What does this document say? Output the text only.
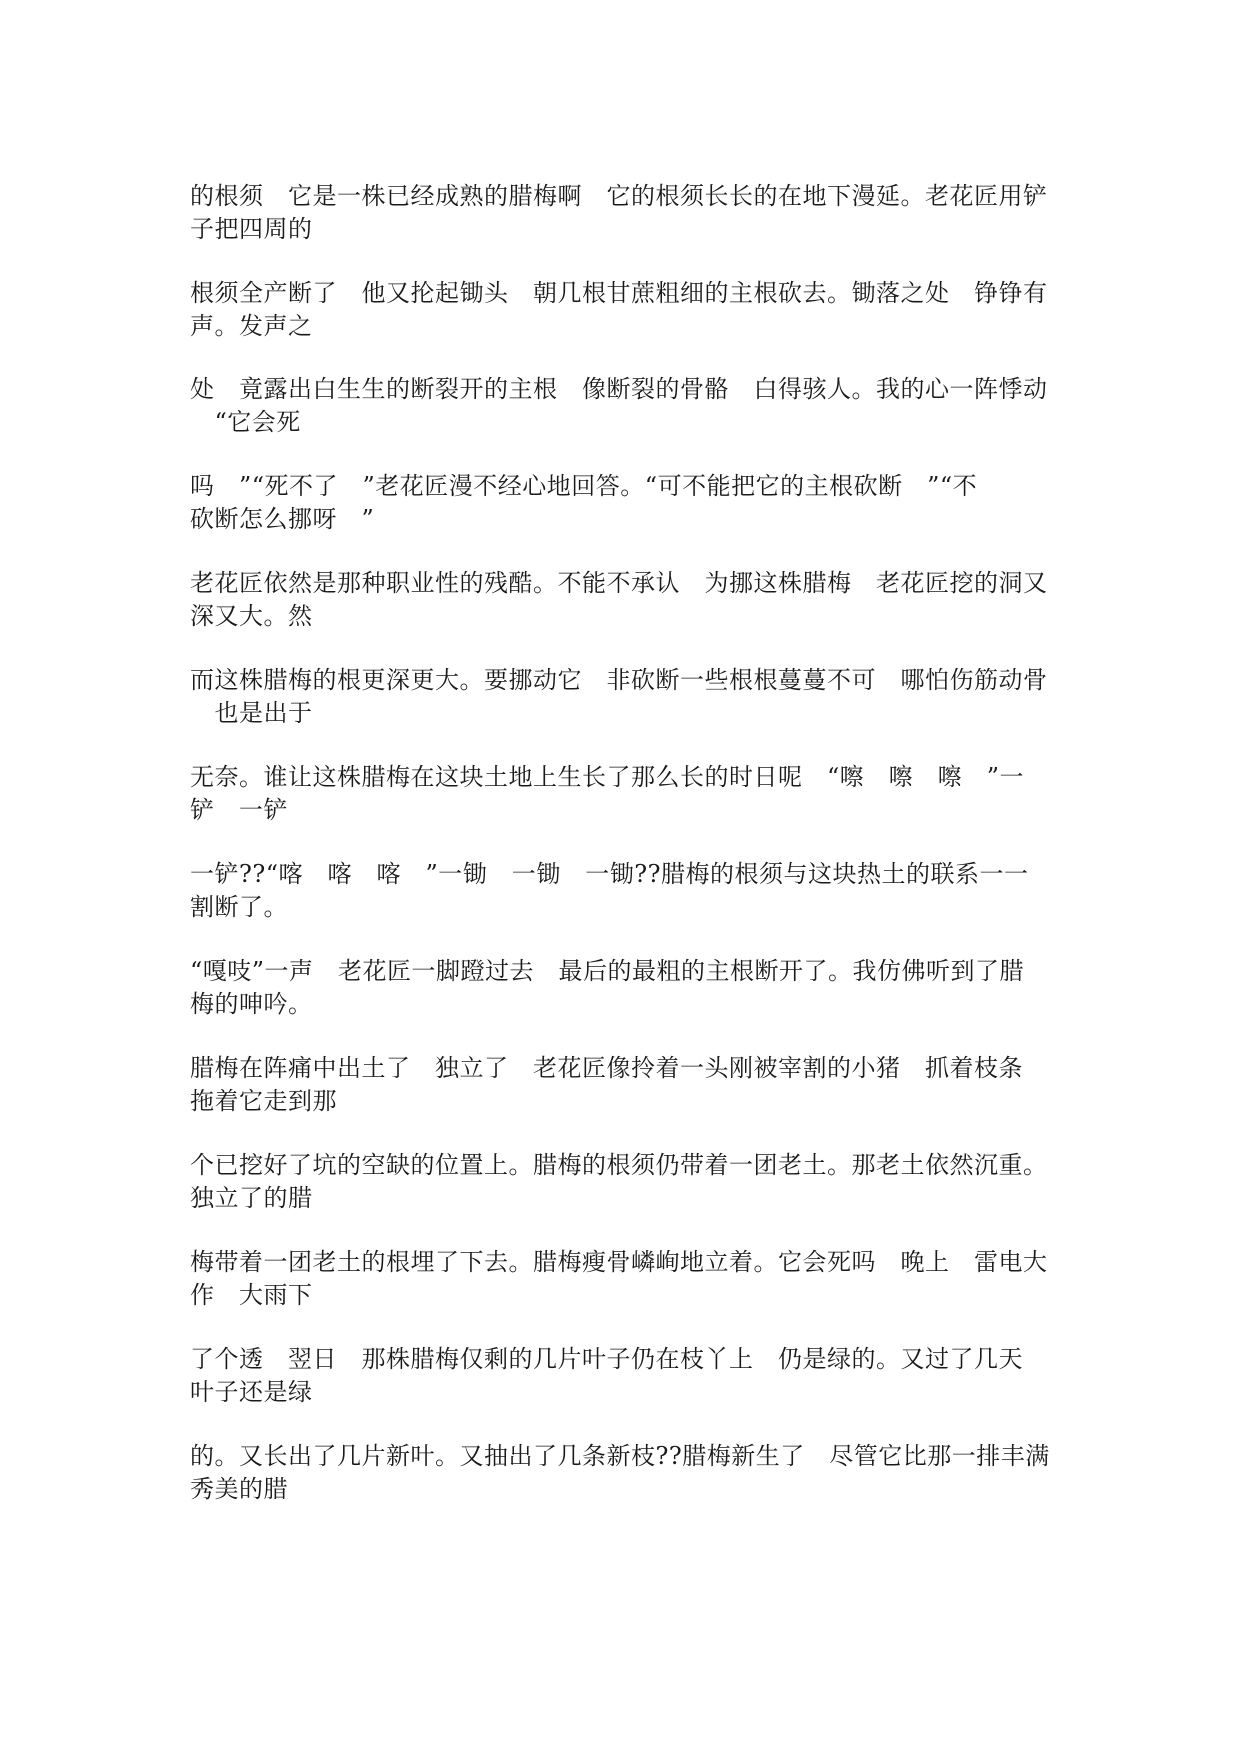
的根须　它是一株已经成熟的腊梅啊　它的根须长长的在地下漫延。老花匠用铲
子把四周的

根须全产断了　他又抡起锄头　朝几根甘蔗粗细的主根砍去。锄落之处　铮铮有
声。发声之

处　竟露出白生生的断裂开的主根　像断裂的骨骼　白得骇人。我的心一阵悸动
　“它会死

吗　”“死不了　”老花匠漫不经心地回答。“可不能把它的主根砍断　”“不
砍断怎么挪呀　”

老花匠依然是那种职业性的残酷。不能不承认　为挪这株腊梅　老花匠挖的洞又
深又大。然

而这株腊梅的根更深更大。要挪动它　非砍断一些根根蔓蔓不可　哪怕伤筋动骨
　也是出于

无奈。谁让这株腊梅在这块土地上生长了那么长的时日呢　“嚓　嚓　嚓　”一
铲　一铲

一铲??“喀　喀　喀　”一锄　一锄　一锄??腊梅的根须与这块热土的联系一一
割断了。

“嘎吱”一声　老花匠一脚蹬过去　最后的最粗的主根断开了。我仿佛听到了腊
梅的呻吟。

腊梅在阵痛中出土了　独立了　老花匠像拎着一头刚被宰割的小猪　抓着枝条
拖着它走到那

个已挖好了坑的空缺的位置上。腊梅的根须仍带着一团老土。那老土依然沉重。
独立了的腊

梅带着一团老土的根埋了下去。腊梅瘦骨嶙峋地立着。它会死吗　晚上　雷电大
作　大雨下

了个透　翌日　那株腊梅仅剩的几片叶子仍在枝丫上　仍是绿的。又过了几天
叶子还是绿

的。又长出了几片新叶。又抽出了几条新枝??腊梅新生了　尽管它比那一排丰满
秀美的腊
